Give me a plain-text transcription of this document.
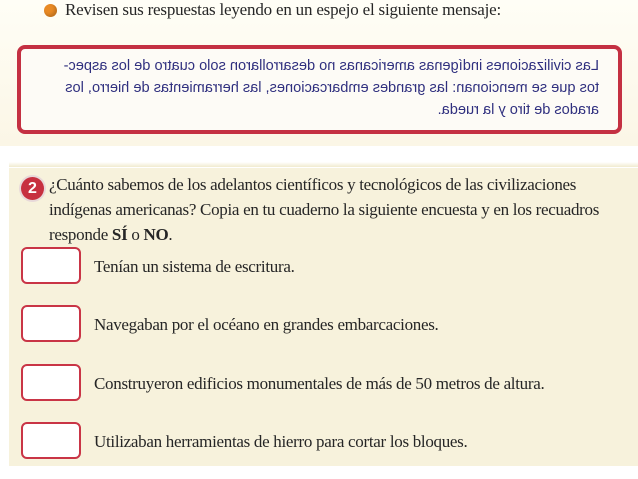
Revisen sus respuestas leyendo en un espejo el siguiente mensaje:
Las civilizaciones indígenas americanas no desarrollaron solo cuatro de los aspec-
tos que se mencionan: las grandes embarcaciones, las herramientas de hierro, los
arados de tiro y la rueda.
2 ¿Cuánto sabemos de los adelantos científicos y tecnológicos de las civilizaciones indígenas americanas? Copia en tu cuaderno la siguiente encuesta y en los recuadros responde SÍ o NO.
Tenían un sistema de escritura.
Navegaban por el océano en grandes embarcaciones.
Construyeron edificios monumentales de más de 50 metros de altura.
Utilizaban herramientas de hierro para cortar los bloques.
